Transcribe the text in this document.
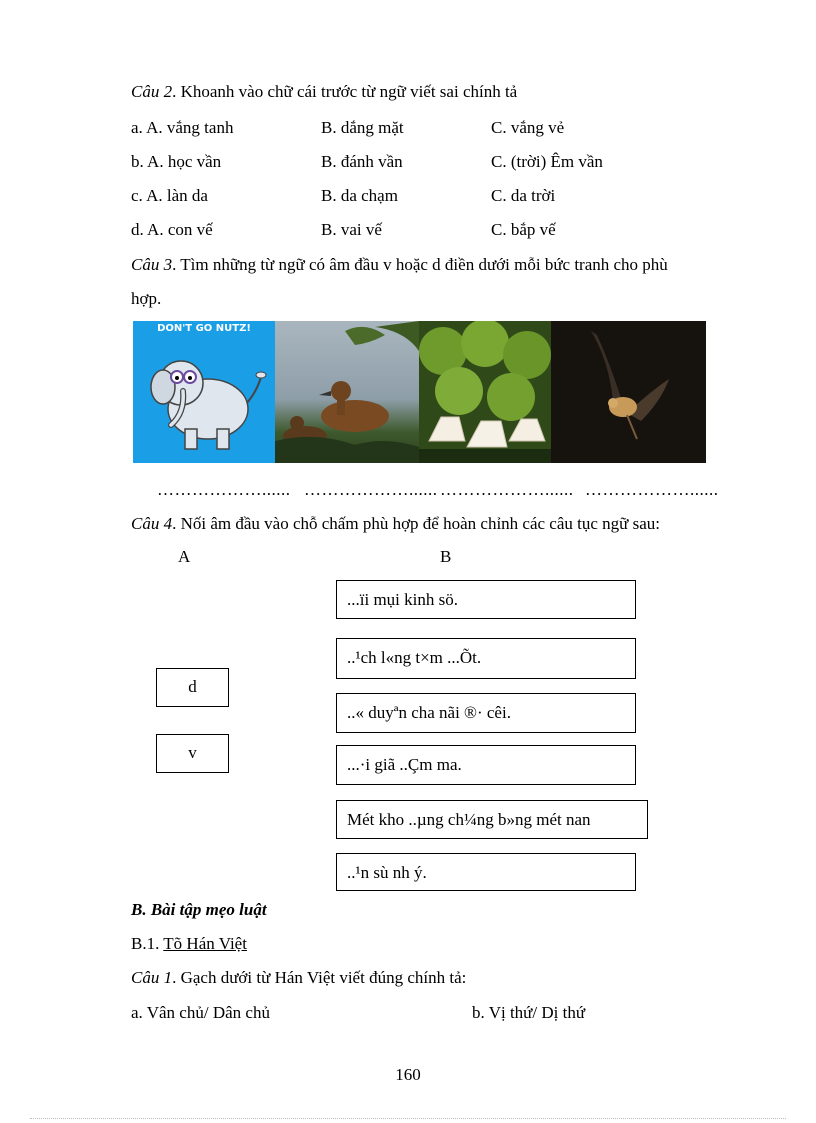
Câu 2. Khoanh vào chữ cái trước từ ngữ viết sai chính tả
a. A. vắng tanh	B. dắng mặt	C. vắng vẻ
b. A. học vần	B. đánh vần	C. (trời) Êm vần
c. A. làn da	B. da chạm	C. da trời
d. A. con vế	B. vai vế	C. bắp vế
Câu 3. Tìm những từ ngữ có âm đầu v hoặc d điền dưới mỗi bức tranh cho phù
hợp.
DON'T GO NUTZ!
………………...... ………………...... ………………...... ………………......
Câu 4. Nối âm đầu vào chỗ chấm phù hợp để hoàn chỉnh các câu tục ngữ sau:
A	B
...ïi mụi kinh sö.
..¹ch l«ng t×m ...Õt.
..« duyªn cha nãi ®· cêi.
...·i giã ..Çm ma.
Mét kho ..µng ch¼ng b»ng mét nan
..¹n sù nh ý.
d
v
B. Bài tập mẹo luật
B.1. Tõ Hán Việt
Câu 1. Gạch dưới từ Hán Việt viết đúng chính tả:
a. Vân chủ/ Dân chủ	b. Vị thứ/ Dị thứ
160
